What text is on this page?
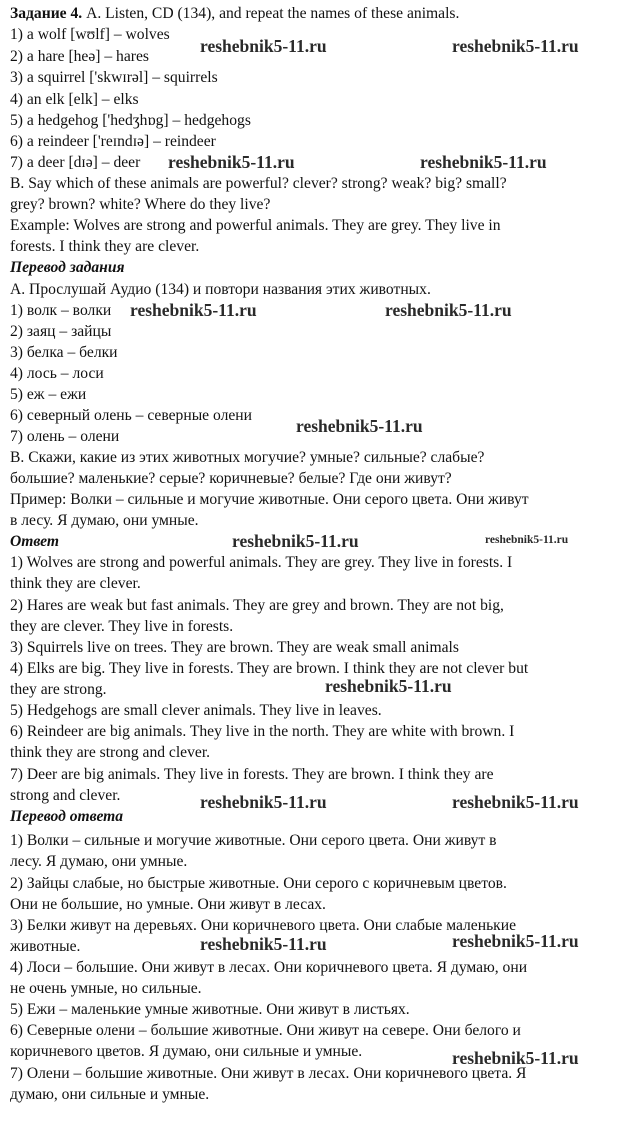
Задание 4. A. Listen, CD (134), and repeat the names of these animals.
1) a wolf [wʊlf] – wolves
2) a hare [heə] – hares
3) a squirrel ['skwɪrəl] – squirrels
4) an elk [elk] – elks
5) a hedgehog ['hedʒhɒg] – hedgehogs
6) a reindeer ['reɪndɪə] – reindeer
7) a deer [dɪə] – deer
B. Say which of these animals are powerful? clever? strong? weak? big? small?
grey? brown? white? Where do they live?
Example: Wolves are strong and powerful animals. They are grey. They live in
forests. I think they are clever.
Перевод задания
А. Прослушай Аудио (134) и повтори названия этих животных.
1) волк – волки
2) заяц – зайцы
3) белка – белки
4) лось – лоси
5) еж – ежи
6) северный олень – северные олени
7) олень – олени
В. Скажи, какие из этих животных могучие? умные? сильные? слабые?
большие? маленькие? серые? коричневые? белые? Где они живут?
Пример: Волки – сильные и могучие животные. Они серого цвета. Они живут
в лесу. Я думаю, они умные.
Ответ
1) Wolves are strong and powerful animals. They are grey. They live in forests. I
think they are clever.
2) Hares are weak but fast animals. They are grey and brown. They are not big,
they are clever. They live in forests.
3) Squirrels live on trees. They are brown. They are weak small animals
4) Elks are big. They live in forests. They are brown. I think they are not clever but
they are strong.
5) Hedgehogs are small clever animals. They live in leaves.
6) Reindeer are big animals. They live in the north. They are white with brown. I
think they are strong and clever.
7) Deer are big animals. They live in forests. They are brown. I think they are
strong and clever.
Перевод ответа
1) Волки – сильные и могучие животные. Они серого цвета. Они живут в
лесу. Я думаю, они умные.
2) Зайцы слабые, но быстрые животные. Они серого с коричневым цветов.
Они не большие, но умные. Они живут в лесах.
3) Белки живут на деревьях. Они коричневого цвета. Они слабые маленькие
животные.
4) Лоси – большие. Они живут в лесах. Они коричневого цвета. Я думаю, они
не очень умные, но сильные.
5) Ежи – маленькие умные животные. Они живут в листьях.
6) Северные олени – большие животные. Они живут на севере. Они белого и
коричневого цветов. Я думаю, они сильные и умные.
7) Олени – большие животные. Они живут в лесах. Они коричневого цвета. Я
думаю, они сильные и умные.
reshebnik5-11.ru	reshebnik5-11.ru
reshebnik5-11.ru	reshebnik5-11.ru
reshebnik5-11.ru	reshebnik5-11.ru
reshebnik5-11.ru
reshebnik5-11.ru	reshebnik5-11.ru
reshebnik5-11.ru
reshebnik5-11.ru	reshebnik5-11.ru
reshebnik5-11.ru	reshebnik5-11.ru
reshebnik5-11.ru
